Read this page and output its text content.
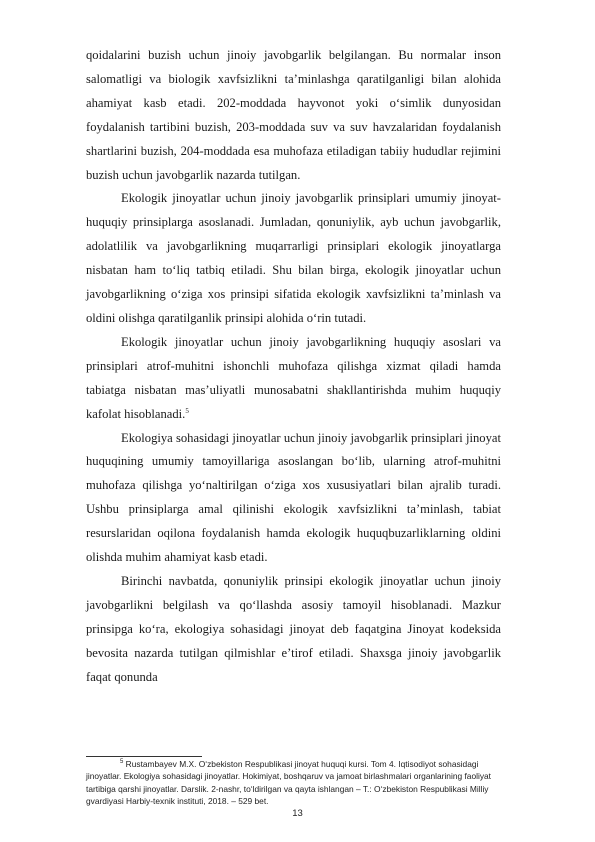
qoidalarini buzish uchun jinoiy javobgarlik belgilangan. Bu normalar inson salomatligi va biologik xavfsizlikni ta’minlashga qaratilganligi bilan alohida ahamiyat kasb etadi. 202-moddada hayvonot yoki o‘simlik dunyosidan foydalanish tartibini buzish, 203-moddada suv va suv havzalaridan foydalanish shartlarini buzish, 204-moddada esa muhofaza etiladigan tabiiy hududlar rejimini buzish uchun javobgarlik nazarda tutilgan.

Ekologik jinoyatlar uchun jinoiy javobgarlik prinsiplari umumiy jinoyat-huquqiy prinsiplarga asoslanadi. Jumladan, qonuniylik, ayb uchun javobgarlik, adolatlilik va javobgarlikning muqarrarligi prinsiplari ekologik jinoyatlarga nisbatan ham to‘liq tatbiq etiladi. Shu bilan birga, ekologik jinoyatlar uchun javobgarlikning o‘ziga xos prinsipi sifatida ekologik xavfsizlikni ta’minlash va oldini olishga qaratilganlik prinsipi alohida o‘rin tutadi.

Ekologik jinoyatlar uchun jinoiy javobgarlikning huquqiy asoslari va prinsiplari atrof-muhitni ishonchli muhofaza qilishga xizmat qiladi hamda tabiatga nisbatan mas’uliyatli munosabatni shakllantirishda muhim huquqiy kafolat hisoblanadi.$^5$

Ekologiya sohasidagi jinoyatlar uchun jinoiy javobgarlik prinsiplari jinoyat huquqining umumiy tamoyillariga asoslangan bo‘lib, ularning atrof-muhitni muhofaza qilishga yo‘naltirilgan o‘ziga xos xususiyatlari bilan ajralib turadi. Ushbu prinsiplarga amal qilinishi ekologik xavfsizlikni ta’minlash, tabiat resurslaridan oqilona foydalanish hamda ekologik huquqbuzarliklarning oldini olishda muhim ahamiyat kasb etadi.

Birinchi navbatda, qonuniylik prinsipi ekologik jinoyatlar uchun jinoiy javobgarlikni belgilash va qo‘llashda asosiy tamoyil hisoblanadi. Mazkur prinsipga ko‘ra, ekologiya sohasidagi jinoyat deb faqatgina Jinoyat kodeksida bevosita nazarda tutilgan qilmishlar e’tirof etiladi. Shaxsga jinoiy javobgarlik faqat qonunda

$^5$ Rustambayev M.X. O‘zbekiston Respublikasi jinoyat huquqi kursi. Tom 4. Iqtisodiyot sohasidagi jinoyatlar. Ekologiya sohasidagi jinoyatlar. Hokimiyat, boshqaruv va jamoat birlashmalari organlarining faoliyat tartibiga qarshi jinoyatlar. Darslik. 2-nashr, to‘ldirilgan va qayta ishlangan – T.: O‘zbekiston Respublikasi Milliy gvardiyasi Harbiy-texnik instituti, 2018. – 529 bet.

13
